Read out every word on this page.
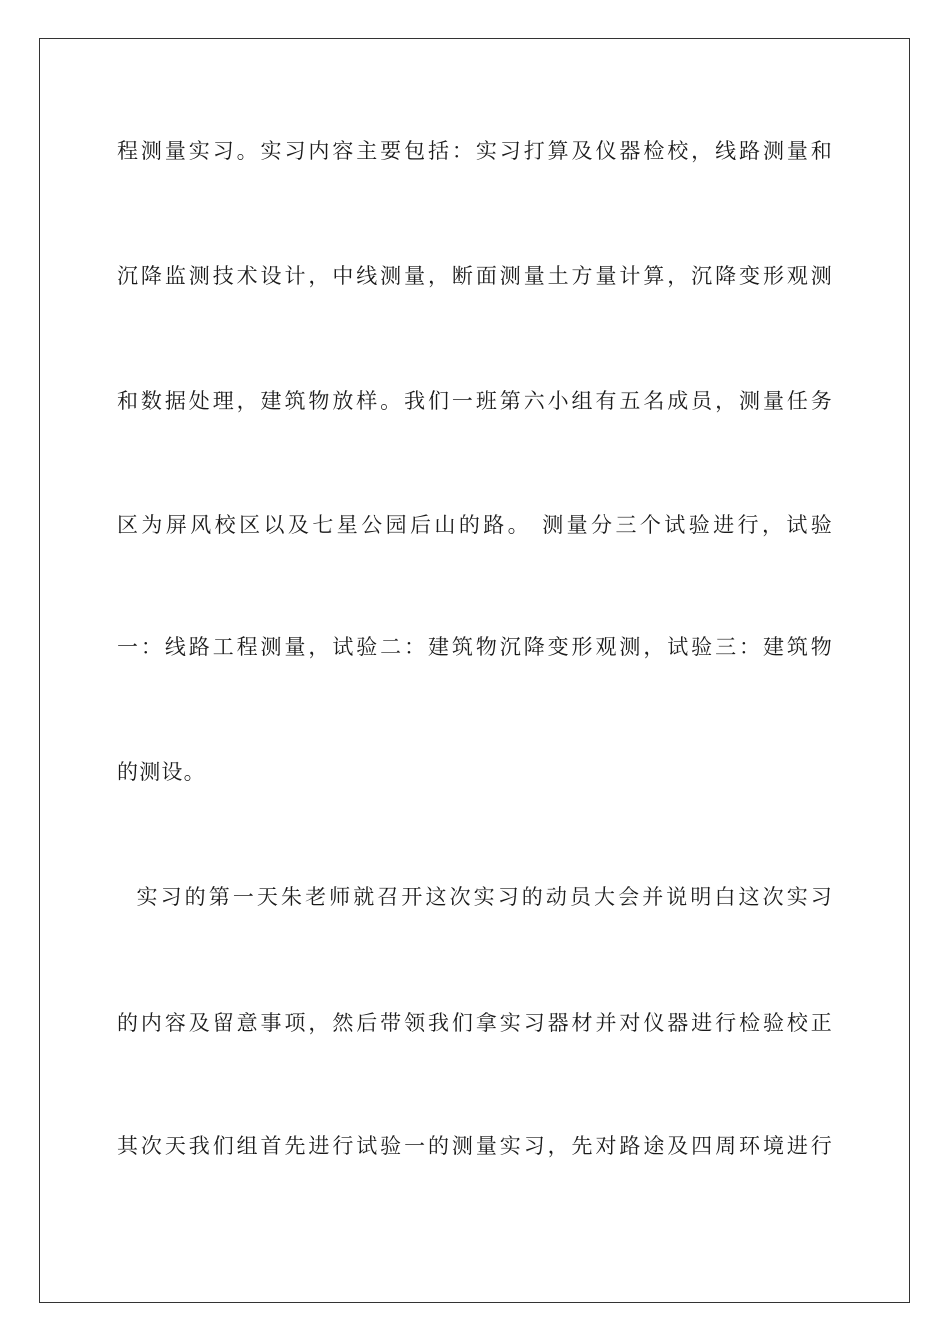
程测量实习。实习内容主要包括：实习打算及仪器检校，线路测量和
沉降监测技术设计，中线测量，断面测量土方量计算，沉降变形观测
和数据处理，建筑物放样。我们一班第六小组有五名成员，测量任务
区为屏风校区以及七星公园后山的路。 测量分三个试验进行，试验
一：线路工程测量，试验二：建筑物沉降变形观测，试验三：建筑物
的测设。
实习的第一天朱老师就召开这次实习的动员大会并说明白这次实习
的内容及留意事项，然后带领我们拿实习器材并对仪器进行检验校正
其次天我们组首先进行试验一的测量实习，先对路途及四周环境进行
